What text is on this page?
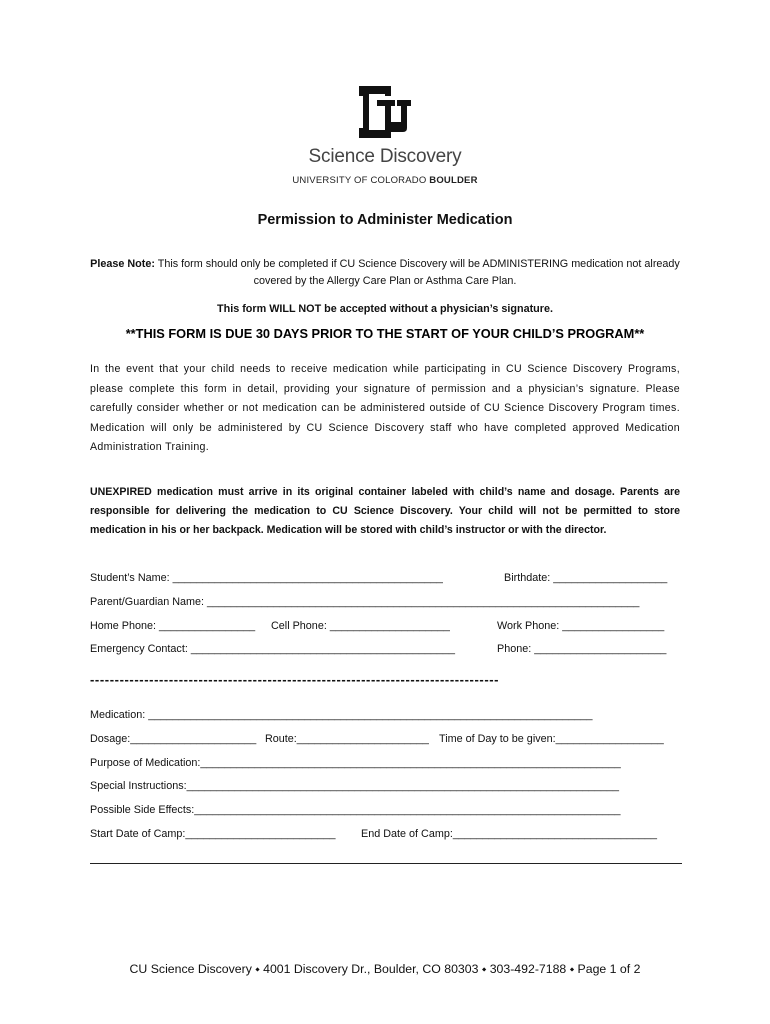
Science Discovery
UNIVERSITY OF COLORADO BOULDER
Permission to Administer Medication
Please Note: This form should only be completed if CU Science Discovery will be ADMINISTERING medication not already covered by the Allergy Care Plan or Asthma Care Plan.
This form WILL NOT be accepted without a physician’s signature.
**THIS FORM IS DUE 30 DAYS PRIOR TO THE START OF YOUR CHILD’S PROGRAM**
In the event that your child needs to receive medication while participating in CU Science Discovery Programs, please complete this form in detail, providing your signature of permission and a physician’s signature. Please carefully consider whether or not medication can be administered outside of CU Science Discovery Program times. Medication will only be administered by CU Science Discovery staff who have completed approved Medication Administration Training.
UNEXPIRED medication must arrive in its original container labeled with child’s name and dosage. Parents are responsible for delivering the medication to CU Science Discovery. Your child will not be permitted to store medication in his or her backpack. Medication will be stored with child’s instructor or with the director.
Student’s Name: _____________________________________________	Birthdate: ___________________
Parent/Guardian Name: ________________________________________________________________________
Home Phone: ________________ Cell Phone: ____________________	Work Phone: _________________
Emergency Contact: ____________________________________________	Phone: ______________________
-----------------------------------------------------------------------------------
Medication: __________________________________________________________________________
Dosage:_____________________ Route:______________________ Time of Day to be given:__________________
Purpose of Medication:______________________________________________________________________
Special Instructions:________________________________________________________________________
Possible Side Effects:_______________________________________________________________________
Start Date of Camp:_________________________ End Date of Camp:__________________________________
CU Science Discovery ⬩ 4001 Discovery Dr., Boulder, CO 80303 ⬩ 303-492-7188 ⬩ Page 1 of 2
